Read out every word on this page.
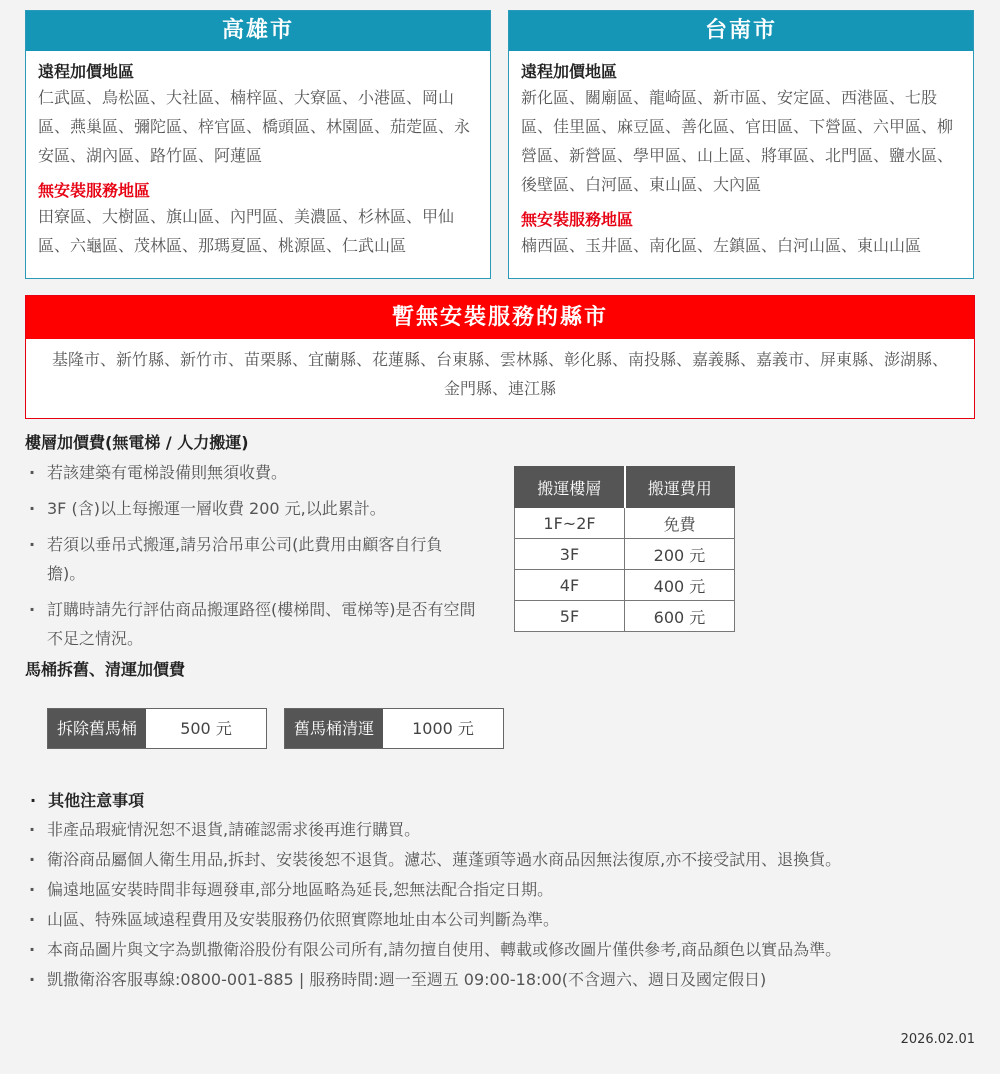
高雄市
遠程加價地區
仁武區、鳥松區、大社區、楠梓區、大寮區、小港區、岡山區、燕巢區、彌陀區、梓官區、橋頭區、林園區、茄萣區、永安區、湖內區、路竹區、阿蓮區
無安裝服務地區
田寮區、大樹區、旗山區、內門區、美濃區、杉林區、甲仙區、六龜區、茂林區、那瑪夏區、桃源區、仁武山區
台南市
遠程加價地區
新化區、關廟區、龍崎區、新市區、安定區、西港區、七股區、佳里區、麻豆區、善化區、官田區、下營區、六甲區、柳營區、新營區、學甲區、山上區、將軍區、北門區、鹽水區、後壁區、白河區、東山區、大內區
無安裝服務地區
楠西區、玉井區、南化區、左鎮區、白河山區、東山山區
暫無安裝服務的縣市
基隆市、新竹縣、新竹市、苗栗縣、宜蘭縣、花蓮縣、台東縣、雲林縣、彰化縣、南投縣、嘉義縣、嘉義市、屏東縣、澎湖縣、金門縣、連江縣
樓層加價費(無電梯 / 人力搬運)
· 若該建築有電梯設備則無須收費。
· 3F (含)以上每搬運一層收費 200 元,以此累計。
· 若須以垂吊式搬運,請另洽吊車公司(此費用由顧客自行負擔)。
· 訂購時請先行評估商品搬運路徑(樓梯間、電梯等)是否有空間不足之情況。
搬運樓層	搬運費用
1F~2F	免費
3F	200 元
4F	400 元
5F	600 元
馬桶拆舊、清運加價費
拆除舊馬桶	500 元	舊馬桶清運	1000 元
· 其他注意事項
· 非產品瑕疵情況恕不退貨,請確認需求後再進行購買。
· 衛浴商品屬個人衛生用品,拆封、安裝後恕不退貨。濾芯、蓮蓬頭等過水商品因無法復原,亦不接受試用、退換貨。
· 偏遠地區安裝時間非每週發車,部分地區略為延長,恕無法配合指定日期。
· 山區、特殊區域遠程費用及安裝服務仍依照實際地址由本公司判斷為準。
· 本商品圖片與文字為凱撒衛浴股份有限公司所有,請勿擅自使用、轉載或修改圖片僅供參考,商品顏色以實品為準。
· 凱撒衛浴客服專線:0800-001-885 | 服務時間:週一至週五 09:00-18:00(不含週六、週日及國定假日)
2026.02.01
